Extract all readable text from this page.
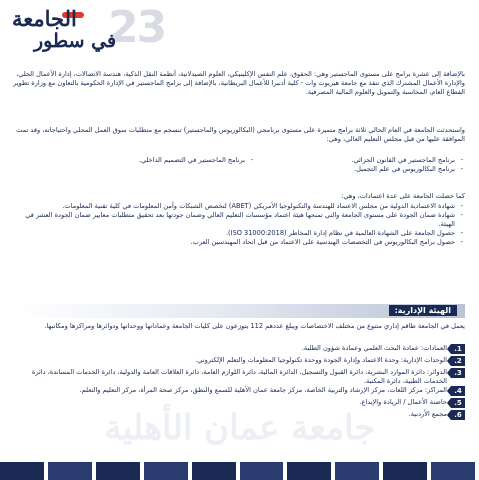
23
الجامعة
في سطور

بالإضافة إلى عشرة برامج على مستوى الماجستير وهي: الحقوق، علم النفس الإكلينيكي، العلوم الصيدلانية، أنظمة النقل الذكية، هندسة الاتصالات، إدارة الأعمال الحلي، والإدارة الأعمال المشترك الذي تنفذ مع جامعة هيريوت وات - كلية أدنبرا للأعمال البريطانية، بالإضافة إلى برامج الماجستير في الإدارة الحكومية بالتعاون مع وزارة تطوير القطاع العام، المحاسبة والتمويل والعلوم المالية المصرفية.

واستحدثت الجامعة في العام الحالي ثلاثة برامج متميزة على مستوى برنامجي (البكالوريوس والماجستير) تنسجم مع متطلبات سوق العمل المحلي واحتياجاته، وقد تمت الموافقة عليها من قبل مجلس التعليم العالي، وهي:

- برنامج الماجستير في القانون الجزائي.
- برنامج البكالوريوس في علم التجميل.
- برنامج الماجستير في التصميم الداخلي.

كما حصلت الجامعة على عدة اعتمادات، وهي:

- شهادة الاعتمادية الدولية من مجلس الاعتماد للهندسة والتكنولوجيا الأمريكي (ABET) لتخصص الشبكات وأمن المعلومات في كلية تقنية المعلومات.
- شهادة ضمان الجودة على مستوى الجامعة والتي تمنحها هيئة اعتماد مؤسسات التعليم العالي وضمان جودتها بعد تحقيق متطلبات معايير ضمان الجودة العشر في الهيئة.
- حصول الجامعة على الشهادة العالمية في نظام إدارة المخاطر (ISO 31000:2018).
- حصول برامج البكالوريوس في التخصصات الهندسية على الاعتماد من قبل اتحاد المهندسين العرب.
الهيئة الإدارية:

يعمل في الجامعة طاقم إداري متنوع من مختلف الاختصاصات ويبلغ عددهم 112 يتوزعون على كليات الجامعة وعماداتها ووحداتها ودوائرها ومراكزها ومكاتبها.

1.
العمادات: عمادة البحث العلمي وعمادة شؤون الطلبة.
2.
الوحدات الإدارية: وحدة الاعتماد وإدارة الجودة ووحدة تكنولوجيا المعلومات والتعلم الإلكتروني.
3.
الدوائر: دائرة الموارد البشرية، دائرة القبول والتسجيل، الدائرة المالية، دائرة اللوازم العامة، دائرة العلاقات العامة والدولية، دائرة الخدمات المساندة، دائرة الخدمات الطبية، دائرة المكتبة.
4.
المراكز: مركز اللغات، مركز الإرشاد والتربية الخاصة، مركز جامعة عمان الأهلية للسمع والنطق، مركز صحة المرأة، مركز التعليم والتعلم.
5.
حاضنة الأعمال / الريادة والإبداع.
6.
مجمع الأردنية.
جامعة عمان الأهلية
